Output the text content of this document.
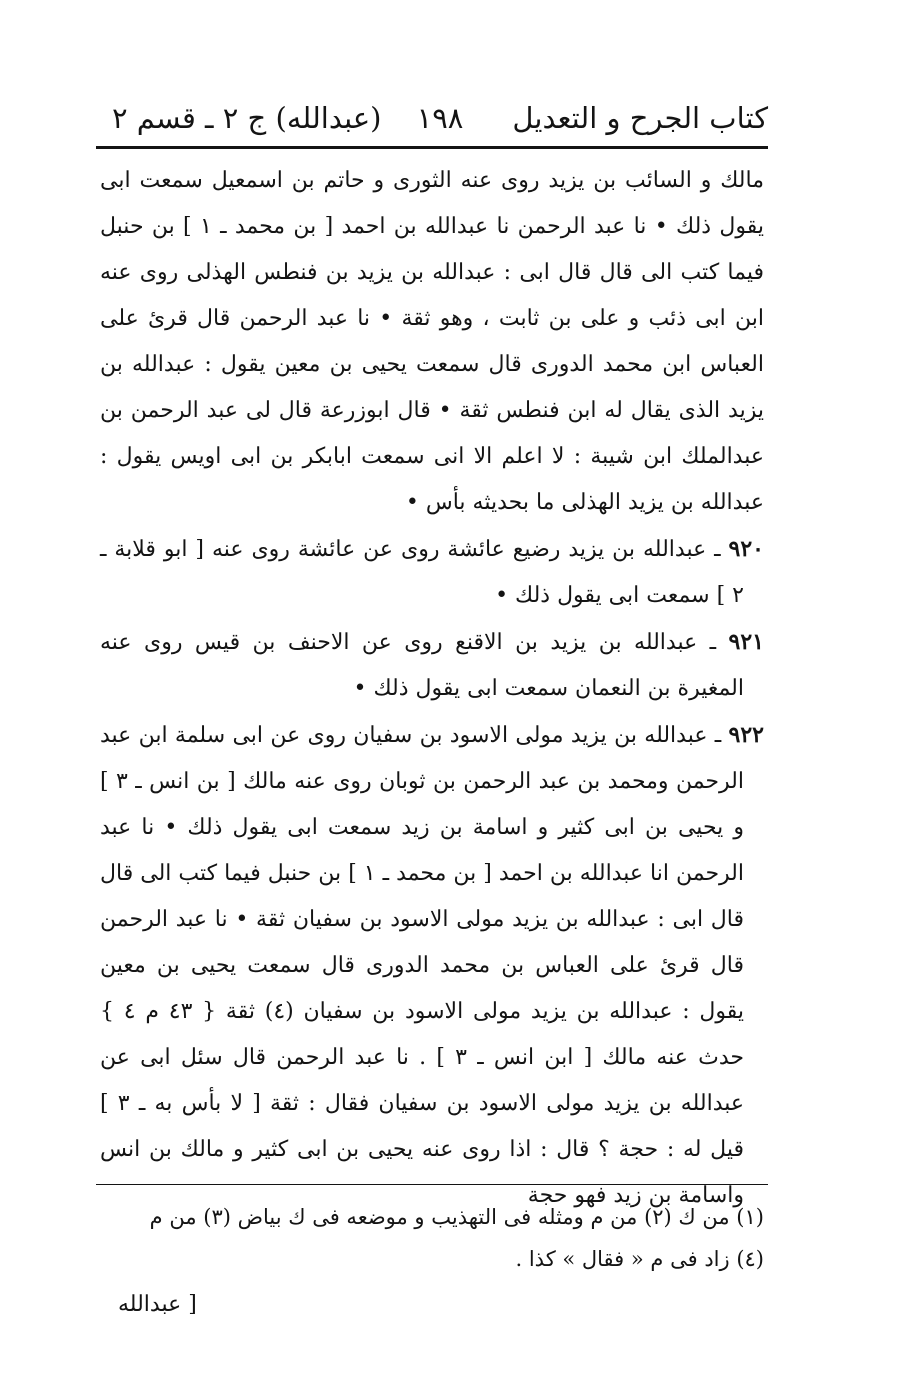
كتاب الجرح و التعديل
١٩٨
(عبدالله) ج ٢ ـ قسم ٢

مالك و السائب بن يزيد روى عنه الثورى و حاتم بن اسمعيل سمعت ابى يقول ذلك • نا عبد الرحمن نا عبدالله بن احمد [ بن محمد ـ ١ ] بن حنبل فيما كتب الى قال قال ابى : عبدالله بن يزيد بن فنطس الهذلى روى عنه ابن ابى ذئب و على بن ثابت ، وهو ثقة • نا عبد الرحمن قال قرئ على العباس ابن محمد الدورى قال سمعت يحيى بن معين يقول : عبدالله بن يزيد الذى يقال له ابن فنطس ثقة • قال ابوزرعة قال لى عبد الرحمن بن عبدالملك ابن شيبة : لا اعلم الا انى سمعت ابابكر بن ابى اويس يقول : عبدالله بن يزيد الهذلى ما بحديثه بأس •

٩٢٠ ـ عبدالله بن يزيد رضيع عائشة روى عن عائشة روى عنه [ ابو قلابة ـ ٢ ] سمعت ابى يقول ذلك •

٩٢١ ـ عبدالله بن يزيد بن الاقنع روى عن الاحنف بن قيس روى عنه المغيرة بن النعمان سمعت ابى يقول ذلك •

٩٢٢ ـ عبدالله بن يزيد مولى الاسود بن سفيان روى عن ابى سلمة ابن عبد الرحمن ومحمد بن عبد الرحمن بن ثوبان روى عنه مالك [ بن انس ـ ٣ ] و يحيى بن ابى كثير و اسامة بن زيد سمعت ابى يقول ذلك • نا عبد الرحمن انا عبدالله بن احمد [ بن محمد ـ ١ ] بن حنبل فيما كتب الى قال قال ابى : عبدالله بن يزيد مولى الاسود بن سفيان ثقة • نا عبد الرحمن قال قرئ على العباس بن محمد الدورى قال سمعت يحيى بن معين يقول : عبدالله بن يزيد مولى الاسود بن سفيان (٤) ثقة { ٤٣ م ٤ } حدث عنه مالك [ ابن انس ـ ٣ ] . نا عبد الرحمن قال سئل ابى عن عبدالله بن يزيد مولى الاسود بن سفيان فقال : ثقة [ لا بأس به ـ ٣ ] قيل له : حجة ؟ قال : اذا روى عنه يحيى بن ابى كثير و مالك بن انس واسامة بن زيد فهو حجة

(١) من ك (٢) من م ومثله فى التهذيب و موضعه فى ك بياض (٣) من م

(٤) زاد فى م « فقال » كذا .

[ عبدالله
